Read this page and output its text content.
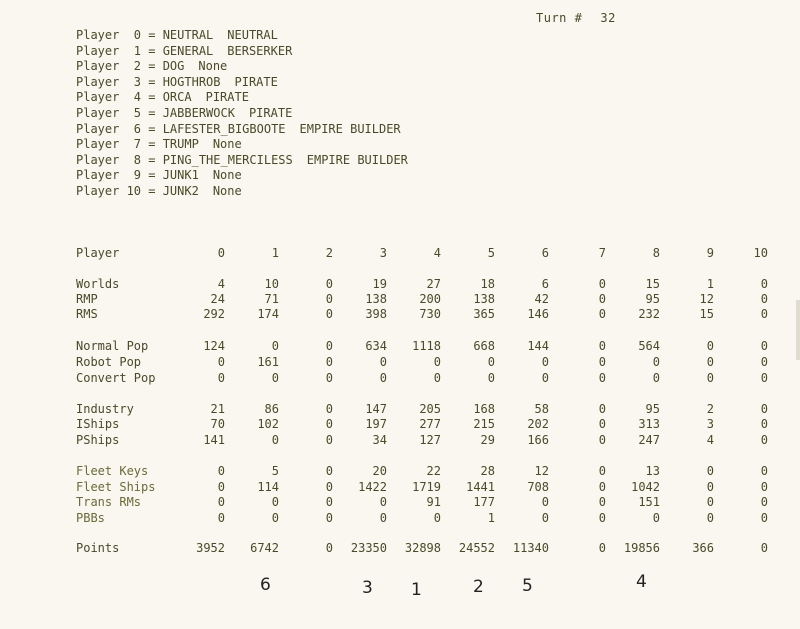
Turn # 32
Player  0 = NEUTRAL NEUTRAL
Player  1 = GENERAL BERSERKER
Player  2 = DOG None
Player  3 = HOGTHROB PIRATE
Player  4 = ORCA PIRATE
Player  5 = JABBERWOCK PIRATE
Player  6 = LAFESTER_BIGBOOTE EMPIRE BUILDER
Player  7 = TRUMP None
Player  8 = PING_THE_MERCILESS EMPIRE BUILDER
Player  9 = JUNK1 None
Player 10 = JUNK2 None
Player	0	1	2	3	4	5	6	7	8	9	10
Worlds	4	10	0	19	27	18	6	0	15	1	0
RMP	24	71	0	138	200	138	42	0	95	12	0
RMS	292	174	0	398	730	365	146	0	232	15	0
Normal Pop	124	0	0	634	1118	668	144	0	564	0	0
Robot Pop	0	161	0	0	0	0	0	0	0	0	0
Convert Pop	0	0	0	0	0	0	0	0	0	0	0
Industry	21	86	0	147	205	168	58	0	95	2	0
IShips	70	102	0	197	277	215	202	0	313	3	0
PShips	141	0	0	34	127	29	166	0	247	4	0
Fleet Keys	0	5	0	20	22	28	12	0	13	0	0
Fleet Ships	0	114	0	1422	1719	1441	708	0	1042	0	0
Trans RMs	0	0	0	0	91	177	0	0	151	0	0
PBBs	0	0	0	0	0	1	0	0	0	0	0
Points	3952	6742	0	23350	32898	24552	11340	0	19856	366	0
6	3 1	2 5	4
